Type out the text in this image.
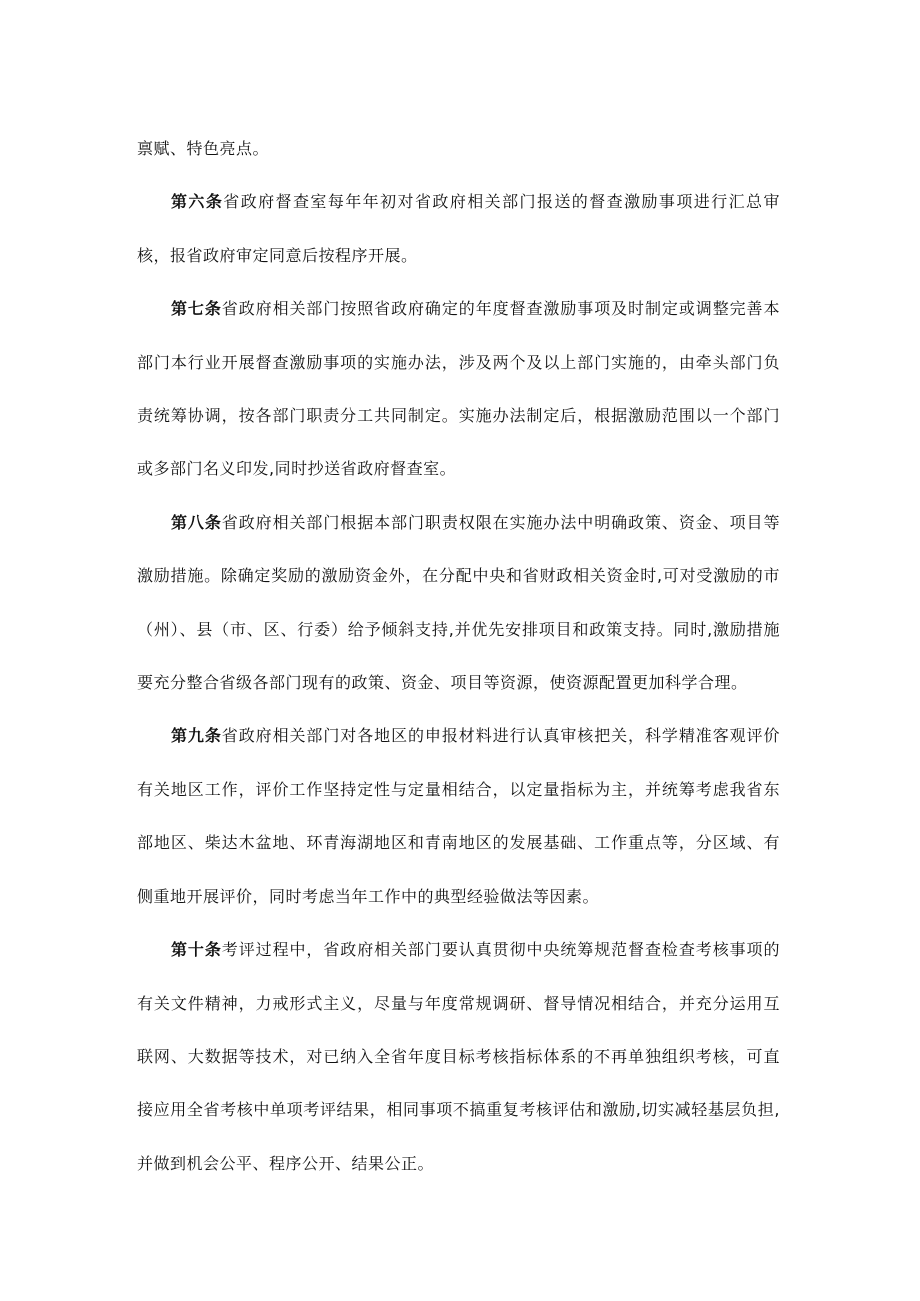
禀赋、特色亮点。

第六条省政府督查室每年年初对省政府相关部门报送的督查激励事项进行汇总审核，报省政府审定同意后按程序开展。

第七条省政府相关部门按照省政府确定的年度督查激励事项及时制定或调整完善本部门本行业开展督查激励事项的实施办法，涉及两个及以上部门实施的，由牵头部门负责统筹协调，按各部门职责分工共同制定。实施办法制定后，根据激励范围以一个部门或多部门名义印发,同时抄送省政府督查室。

第八条省政府相关部门根据本部门职责权限在实施办法中明确政策、资金、项目等激励措施。除确定奖励的激励资金外，在分配中央和省财政相关资金时,可对受激励的市（州）、县（市、区、行委）给予倾斜支持,并优先安排项目和政策支持。同时,激励措施要充分整合省级各部门现有的政策、资金、项目等资源，使资源配置更加科学合理。

第九条省政府相关部门对各地区的申报材料进行认真审核把关，科学精准客观评价有关地区工作，评价工作坚持定性与定量相结合，以定量指标为主，并统筹考虑我省东部地区、柴达木盆地、环青海湖地区和青南地区的发展基础、工作重点等，分区域、有侧重地开展评价，同时考虑当年工作中的典型经验做法等因素。

第十条考评过程中，省政府相关部门要认真贯彻中央统筹规范督查检查考核事项的有关文件精神，力戒形式主义，尽量与年度常规调研、督导情况相结合，并充分运用互联网、大数据等技术，对已纳入全省年度目标考核指标体系的不再单独组织考核，可直接应用全省考核中单项考评结果，相同事项不搞重复考核评估和激励,切实减轻基层负担,并做到机会公平、程序公开、结果公正。
